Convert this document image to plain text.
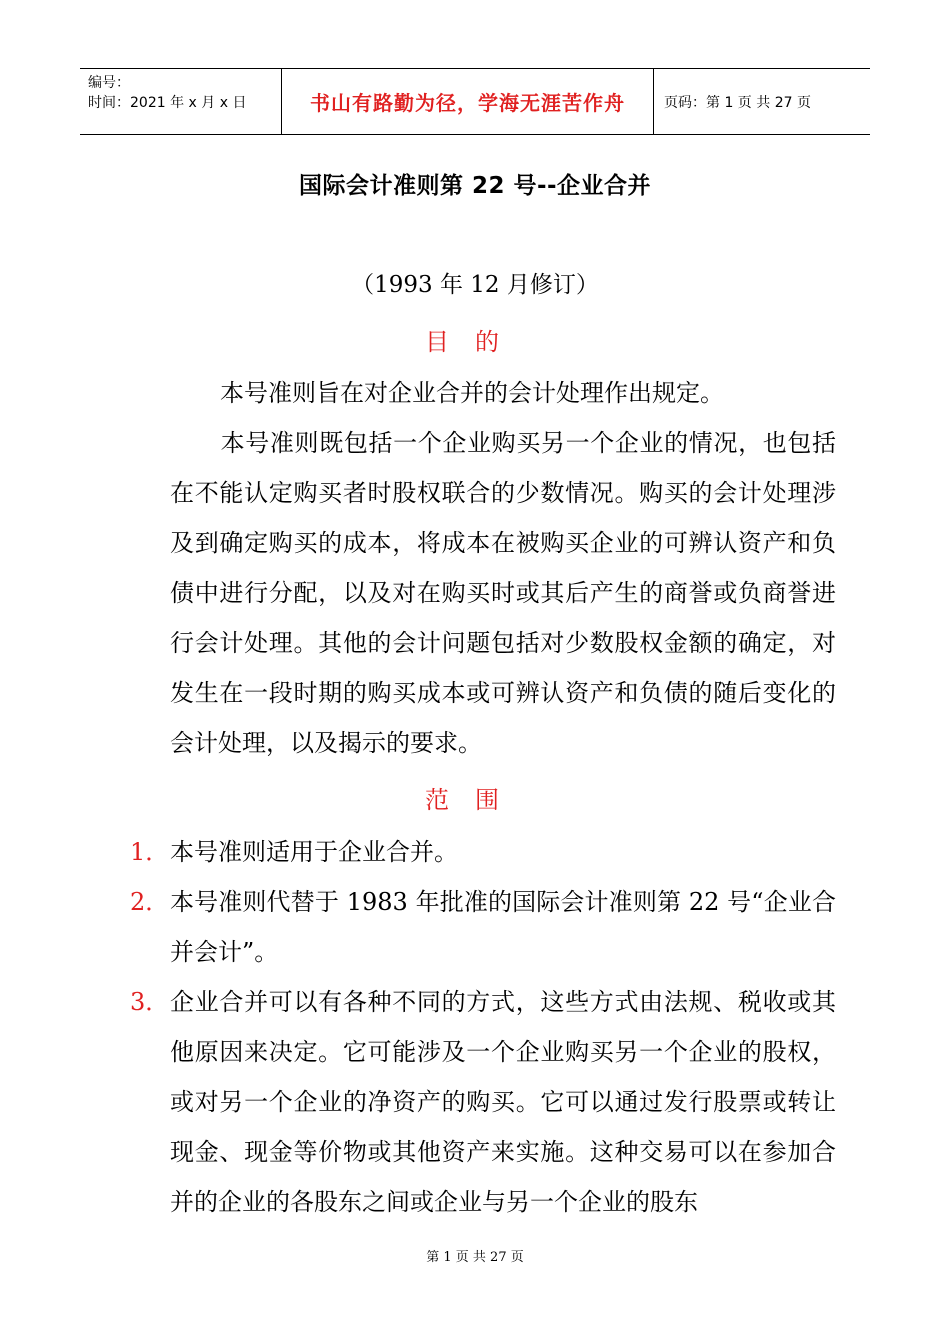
编号：
时间：2021 年 x 月 x 日	书山有路勤为径，学海无涯苦作舟	页码：第 1 页 共 27 页
国际会计准则第 22 号--企业合并
（1993 年 12 月修订）
目的
本号准则旨在对企业合并的会计处理作出规定。
本号准则既包括一个企业购买另一个企业的情况，也包括在不能认定购买者时股权联合的少数情况。购买的会计处理涉及到确定购买的成本，将成本在被购买企业的可辨认资产和负债中进行分配，以及对在购买时或其后产生的商誉或负商誉进行会计处理。其他的会计问题包括对少数股权金额的确定，对发生在一段时期的购买成本或可辨认资产和负债的随后变化的会计处理，以及揭示的要求。
范围
1． 本号准则适用于企业合并。
2． 本号准则代替于 1983 年批准的国际会计准则第 22 号“企业合并会计”。
3． 企业合并可以有各种不同的方式，这些方式由法规、税收或其他原因来决定。它可能涉及一个企业购买另一个企业的股权，或对另一个企业的净资产的购买。它可以通过发行股票或转让现金、现金等价物或其他资产来实施。这种交易可以在参加合并的企业的各股东之间或企业与另一个企业的股东
第 1 页 共 27 页
